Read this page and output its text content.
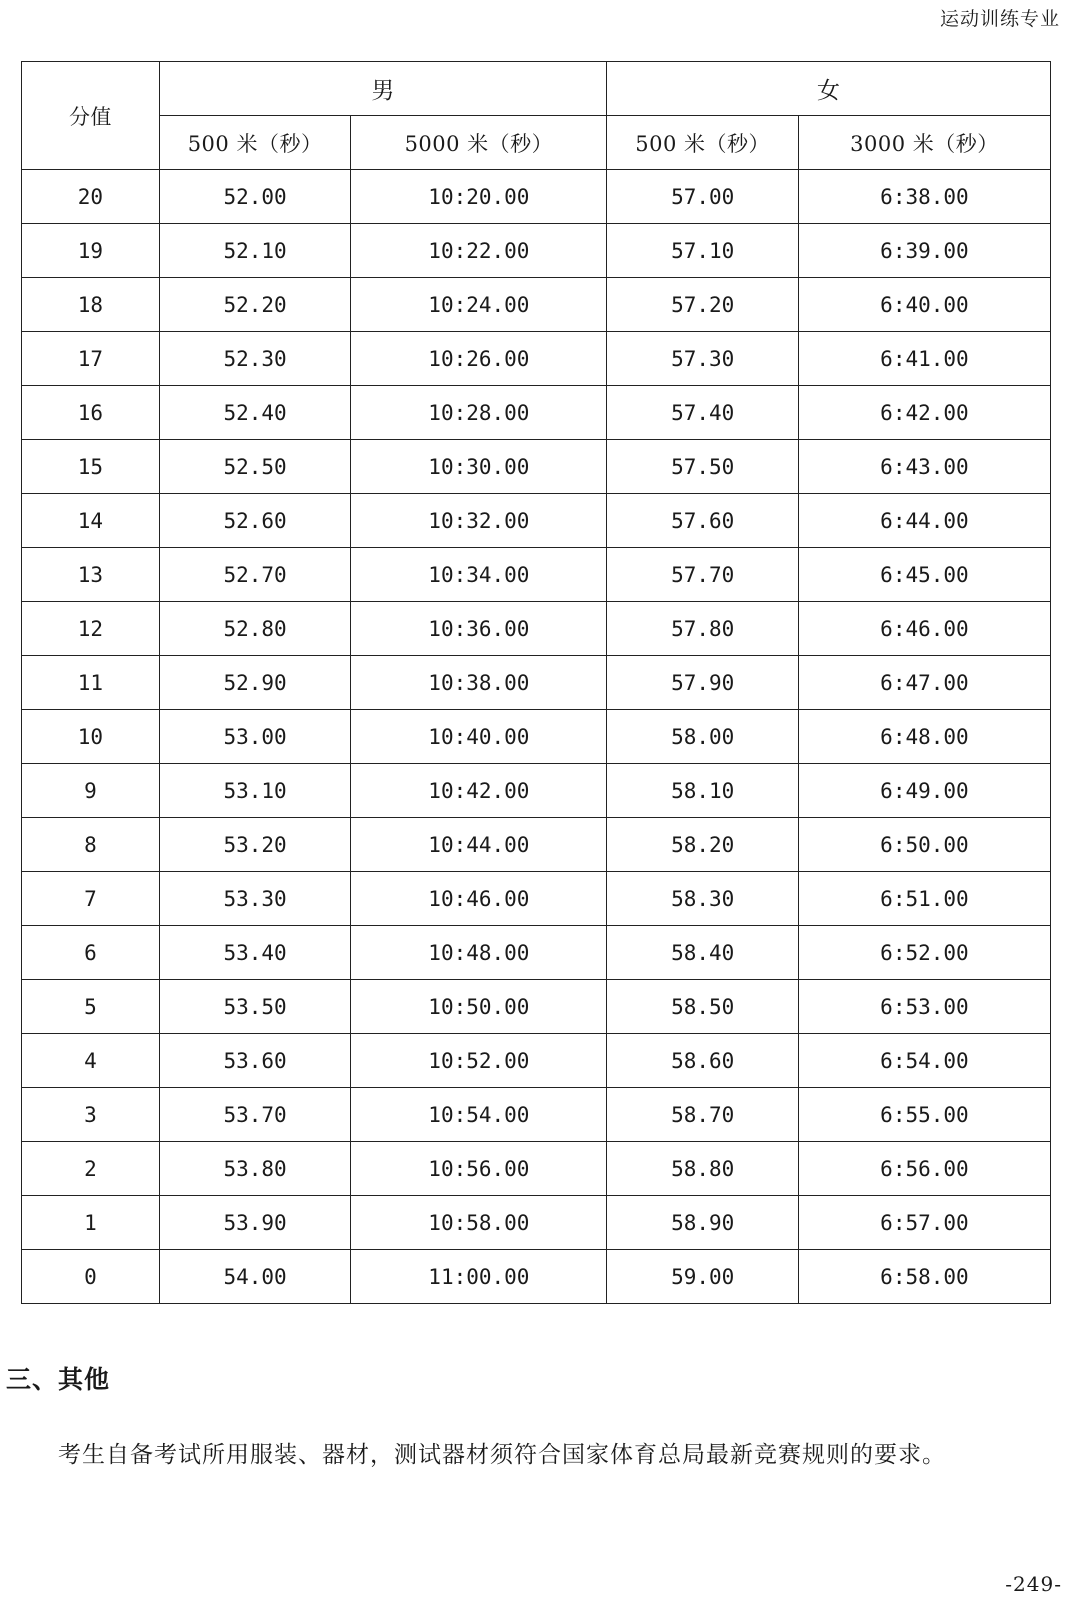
运动训练专业
分值	男		女	
	500 米（秒）	5000 米（秒）	500 米（秒）	3000 米（秒）
20	52.00	10:20.00	57.00	6:38.00
19	52.10	10:22.00	57.10	6:39.00
18	52.20	10:24.00	57.20	6:40.00
17	52.30	10:26.00	57.30	6:41.00
16	52.40	10:28.00	57.40	6:42.00
15	52.50	10:30.00	57.50	6:43.00
14	52.60	10:32.00	57.60	6:44.00
13	52.70	10:34.00	57.70	6:45.00
12	52.80	10:36.00	57.80	6:46.00
11	52.90	10:38.00	57.90	6:47.00
10	53.00	10:40.00	58.00	6:48.00
9	53.10	10:42.00	58.10	6:49.00
8	53.20	10:44.00	58.20	6:50.00
7	53.30	10:46.00	58.30	6:51.00
6	53.40	10:48.00	58.40	6:52.00
5	53.50	10:50.00	58.50	6:53.00
4	53.60	10:52.00	58.60	6:54.00
3	53.70	10:54.00	58.70	6:55.00
2	53.80	10:56.00	58.80	6:56.00
1	53.90	10:58.00	58.90	6:57.00
0	54.00	11:00.00	59.00	6:58.00
三、其他
考生自备考试所用服装、器材，测试器材须符合国家体育总局最新竞赛规则的要求。
-249-
